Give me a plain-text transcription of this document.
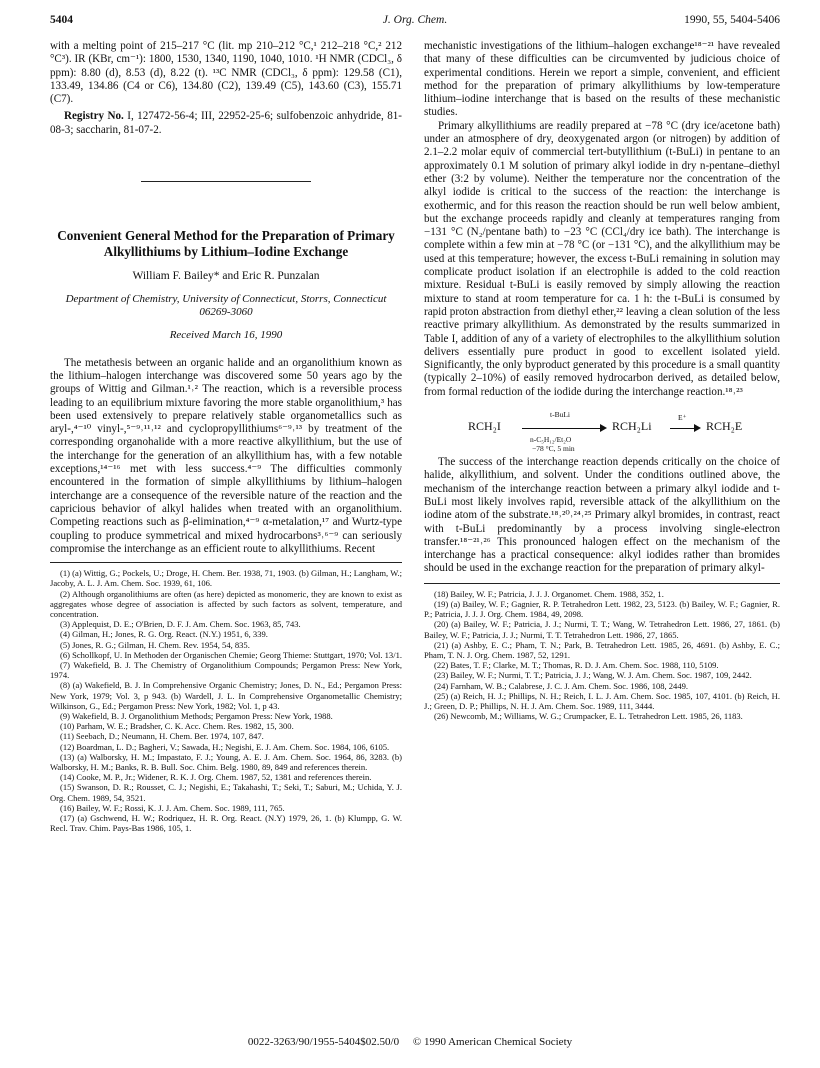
5404	J. Org. Chem.	1990, 55, 5404-5406

with a melting point of 215–217 °C (lit. mp 210–212 °C,¹ 212–218 °C,² 212 °C³). IR (KBr, cm⁻¹): 1800, 1530, 1340, 1190, 1040, 1010. ¹H NMR (CDCl₃, δ ppm): 8.80 (d), 8.53 (d), 8.22 (t). ¹³C NMR (CDCl₃, δ ppm): 129.58 (C1), 133.49, 134.86 (C4 or C6), 134.80 (C2), 139.49 (C5), 143.60 (C3), 155.71 (C7).

Registry No. I, 127472-56-4; III, 22952-25-6; sulfobenzoic anhydride, 81-08-3; saccharin, 81-07-2.

Convenient General Method for the Preparation of Primary Alkyllithiums by Lithium–Iodine Exchange
William F. Bailey* and Eric R. Punzalan
Department of Chemistry, University of Connecticut, Storrs, Connecticut 06269-3060
Received March 16, 1990

The metathesis between an organic halide and an organolithium known as the lithium–halogen interchange was discovered some 50 years ago by the groups of Wittig and Gilman.¹˒² The reaction, which is a reversible process leading to an equilibrium mixture favoring the more stable organolithium,³ has been used extensively to prepare relatively stable organometallics such as aryl-,⁴⁻¹⁰ vinyl-,⁵⁻⁹˒¹¹˒¹² and cyclopropyllithiums⁶⁻⁹˒¹³ by treatment of the corresponding organohalide with a more reactive alkyllithium, but the use of the interchange for the generation of an alkyllithium has, with a few notable exceptions,¹⁴⁻¹⁶ met with less success.⁴⁻⁹ The difficulties commonly encountered in the formation of simple alkyllithiums by lithium–halogen interchange are a consequence of the reversible nature of the reaction and the capricious behavior of alkyl halides when treated with an organolithium. Competing reactions such as β-elimination,⁴⁻⁹ α-metalation,¹⁷ and Wurtz-type coupling to produce symmetrical and mixed hydrocarbons³˒⁶⁻⁹ can seriously compromise the interchange as an efficient route to alkyllithiums. Recent

(1) (a) Wittig, G.; Pockels, U.; Droge, H. Chem. Ber. 1938, 71, 1903. (b) Gilman, H.; Langham, W.; Jacoby, A. L. J. Am. Chem. Soc. 1939, 61, 106.
(2) Although organolithiums are often (as here) depicted as monomeric, they are known to exist as aggregates whose degree of association is affected by such factors as solvent, temperature, and concentration.
(3) Applequist, D. E.; O'Brien, D. F. J. Am. Chem. Soc. 1963, 85, 743.
(4) Gilman, H.; Jones, R. G. Org. React. (N.Y.) 1951, 6, 339.
(5) Jones, R. G.; Gilman, H. Chem. Rev. 1954, 54, 835.
(6) Schollkopf, U. In Methoden der Organischen Chemie; Georg Thieme: Stuttgart, 1970; Vol. 13/1.
(7) Wakefield, B. J. The Chemistry of Organolithium Compounds; Pergamon Press: New York, 1974.
(8) (a) Wakefield, B. J. In Comprehensive Organic Chemistry; Jones, D. N., Ed.; Pergamon Press: New York, 1979; Vol. 3, p 943. (b) Wardell, J. L. In Comprehensive Organometallic Chemistry; Wilkinson, G., Ed.; Pergamon Press: New York, 1982; Vol. 1, p 43.
(9) Wakefield, B. J. Organolithium Methods; Pergamon Press: New York, 1988.
(10) Parham, W. E.; Bradsher, C. K. Acc. Chem. Res. 1982, 15, 300.
(11) Seebach, D.; Neumann, H. Chem. Ber. 1974, 107, 847.
(12) Boardman, L. D.; Bagheri, V.; Sawada, H.; Negishi, E. J. Am. Chem. Soc. 1984, 106, 6105.
(13) (a) Walborsky, H. M.; Impastato, F. J.; Young, A. E. J. Am. Chem. Soc. 1964, 86, 3283. (b) Walborsky, H. M.; Banks, R. B. Bull. Soc. Chim. Belg. 1980, 89, 849 and references therein.
(14) Cooke, M. P., Jr.; Widener, R. K. J. Org. Chem. 1987, 52, 1381 and references therein.
(15) Swanson, D. R.; Rousset, C. J.; Negishi, E.; Takahashi, T.; Seki, T.; Saburi, M.; Uchida, Y. J. Org. Chem. 1989, 54, 3521.
(16) Bailey, W. F.; Rossi, K. J. J. Am. Chem. Soc. 1989, 111, 765.
(17) (a) Gschwend, H. W.; Rodriquez, H. R. Org. React. (N.Y) 1979, 26, 1. (b) Klumpp, G. W. Recl. Trav. Chim. Pays-Bas 1986, 105, 1.

mechanistic investigations of the lithium–halogen exchange¹⁸⁻²¹ have revealed that many of these difficulties can be circumvented by judicious choice of experimental conditions. Herein we report a simple, convenient, and efficient method for the preparation of primary alkyllithiums by low-temperature lithium–iodine interchange that is based on the results of these mechanistic studies.

Primary alkyllithiums are readily prepared at −78 °C (dry ice/acetone bath) under an atmosphere of dry, deoxygenated argon (or nitrogen) by addition of 2.1–2.2 molar equiv of commercial tert-butyllithium (t-BuLi) in pentane to an approximately 0.1 M solution of primary alkyl iodide in dry n-pentane–diethyl ether (3:2 by volume). Neither the temperature nor the concentration of the alkyl iodide is critical to the success of the reaction: the interchange is exothermic, and for this reason the reaction should be run well below ambient, but the exchange proceeds rapidly and cleanly at temperatures ranging from −131 °C (N₂/pentane bath) to −23 °C (CCl₄/dry ice bath). The interchange is complete within a few min at −78 °C (or −131 °C), and the alkyllithium may be used at this temperature; however, the excess t-BuLi remaining in solution may complicate product isolation if an electrophile is added to the cold reaction mixture. Residual t-BuLi is easily removed by simply allowing the reaction mixture to stand at room temperature for ca. 1 h: the t-BuLi is consumed by rapid proton abstraction from diethyl ether,²² leaving a clean solution of the less reactive primary alkyllithium. As demonstrated by the results summarized in Table I, addition of any of a variety of electrophiles to the alkyllithium solution delivers essentially pure product in good to excellent isolated yield. Significantly, the only byproduct generated by this procedure is a small quantity (typically 2–10%) of easily removed hydrocarbon derived, as detailed below, from formal reduction of the iodide during the interchange reaction.¹⁸˒²³

RCH₂I
t-BuLi
n-C₅H₁₂/Et₂O
−78 °C, 5 min
RCH₂Li
E⁺
RCH₂E

The success of the interchange reaction depends critically on the choice of halide, alkyllithium, and solvent. Under the conditions outlined above, the mechanism of the interchange reaction between a primary alkyl iodide and t-BuLi most likely involves rapid, reversible attack of the alkyllithium on the iodine atom of the substrate.¹⁸˒²⁰˒²⁴˒²⁵ Primary alkyl bromides, in contrast, react with t-BuLi predominantly by a process involving single-electron transfer.¹⁸⁻²¹˒²⁶ This pronounced halogen effect on the mechanism of the interchange has a practical consequence: alkyl iodides rather than bromides should be used in the exchange reaction for the preparation of primary alkyl-

(18) Bailey, W. F.; Patricia, J. J. J. Organomet. Chem. 1988, 352, 1.
(19) (a) Bailey, W. F.; Gagnier, R. P. Tetrahedron Lett. 1982, 23, 5123. (b) Bailey, W. F.; Gagnier, R. P.; Patricia, J. J. J. Org. Chem. 1984, 49, 2098.
(20) (a) Bailey, W. F.; Patricia, J. J.; Nurmi, T. T.; Wang, W. Tetrahedron Lett. 1986, 27, 1861. (b) Bailey, W. F.; Patricia, J. J.; Nurmi, T. T. Tetrahedron Lett. 1986, 27, 1865.
(21) (a) Ashby, E. C.; Pham, T. N.; Park, B. Tetrahedron Lett. 1985, 26, 4691. (b) Ashby, E. C.; Pham, T. N. J. Org. Chem. 1987, 52, 1291.
(22) Bates, T. F.; Clarke, M. T.; Thomas, R. D. J. Am. Chem. Soc. 1988, 110, 5109.
(23) Bailey, W. F.; Nurmi, T. T.; Patricia, J. J.; Wang, W. J. Am. Chem. Soc. 1987, 109, 2442.
(24) Farnham, W. B.; Calabrese, J. C. J. Am. Chem. Soc. 1986, 108, 2449.
(25) (a) Reich, H. J.; Phillips, N. H.; Reich, I. L. J. Am. Chem. Soc. 1985, 107, 4101. (b) Reich, H. J.; Green, D. P.; Phillips, N. H. J. Am. Chem. Soc. 1989, 111, 3444.
(26) Newcomb, M.; Williams, W. G.; Crumpacker, E. L. Tetrahedron Lett. 1985, 26, 1183.
0022-3263/90/1955-5404$02.50/0 © 1990 American Chemical Society
